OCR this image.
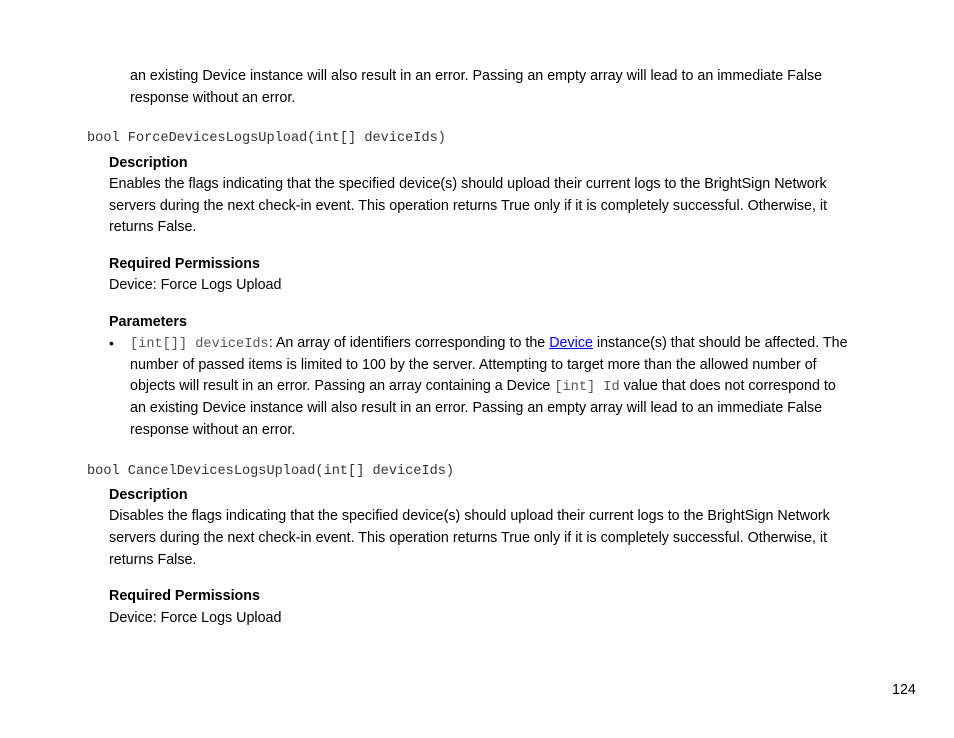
an existing Device instance will also result in an error. Passing an empty array will lead to an immediate False
response without an error.
bool ForceDevicesLogsUpload(int[] deviceIds)
Description
Enables the flags indicating that the specified device(s) should upload their current logs to the BrightSign Network
servers during the next check-in event. This operation returns True only if it is completely successful. Otherwise, it
returns False.
Required Permissions
Device: Force Logs Upload
Parameters
• [int[]] deviceIds: An array of identifiers corresponding to the Device instance(s) that should be affected. The
number of passed items is limited to 100 by the server. Attempting to target more than the allowed number of
objects will result in an error. Passing an array containing a Device [int] Id value that does not correspond to
an existing Device instance will also result in an error. Passing an empty array will lead to an immediate False
response without an error.
bool CancelDevicesLogsUpload(int[] deviceIds)
Description
Disables the flags indicating that the specified device(s) should upload their current logs to the BrightSign Network
servers during the next check-in event. This operation returns True only if it is completely successful. Otherwise, it
returns False.
Required Permissions
Device: Force Logs Upload
124
